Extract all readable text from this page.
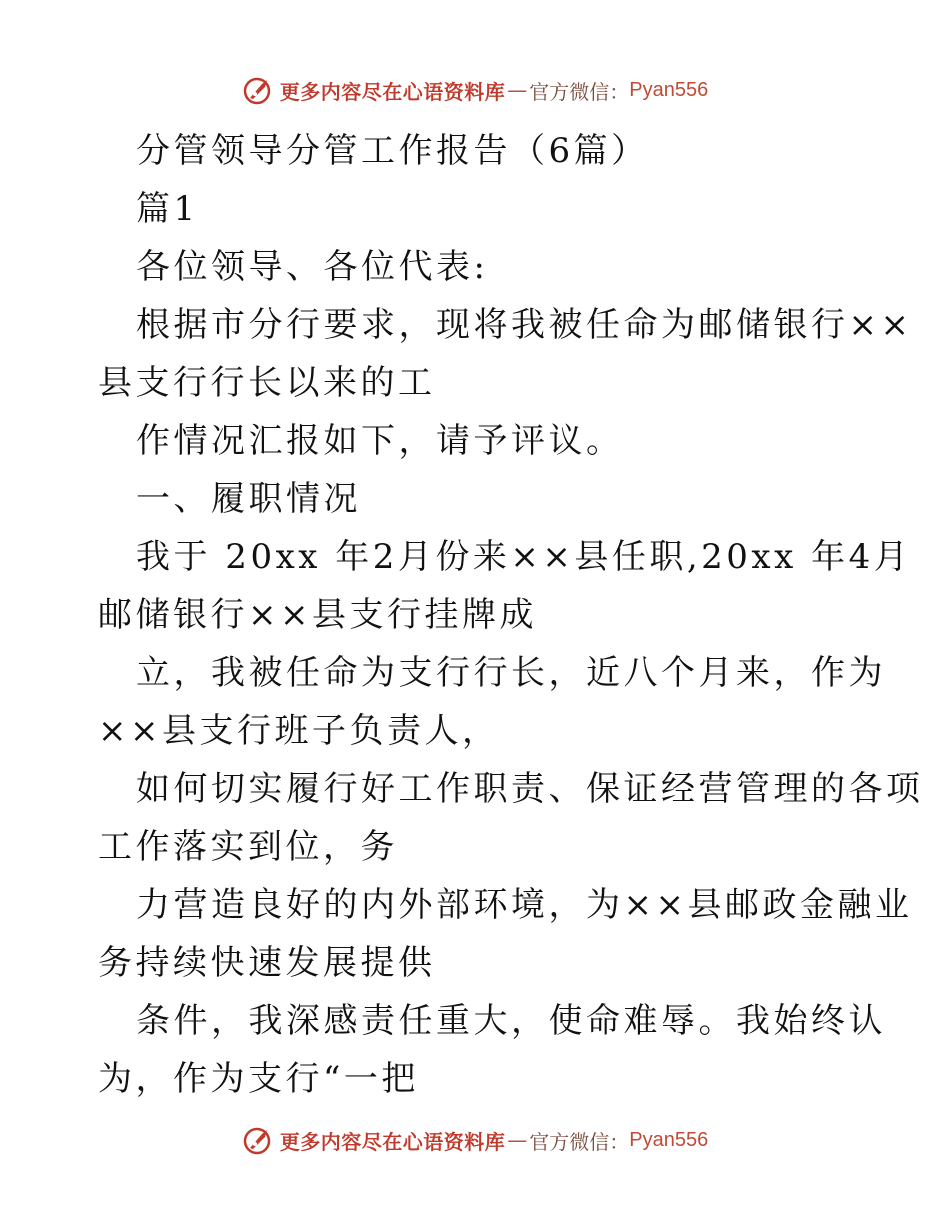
更多内容尽在心语资料库 — 官方微信： Pyan556
分管领导分管工作报告（6篇）
篇1
各位领导、各位代表:
根据市分行要求，现将我被任命为邮储银行××
县支行行长以来的工
作情况汇报如下，请予评议。
一、履职情况
我于 20xx 年2月份来××县任职,20xx 年4月
邮储银行××县支行挂牌成
立，我被任命为支行行长，近八个月来，作为
××县支行班子负责人，
如何切实履行好工作职责、保证经营管理的各项
工作落实到位，务
力营造良好的内外部环境，为××县邮政金融业
务持续快速发展提供
条件，我深感责任重大，使命难辱。我始终认
为，作为支行“一把
更多内容尽在心语资料库 — 官方微信： Pyan556
